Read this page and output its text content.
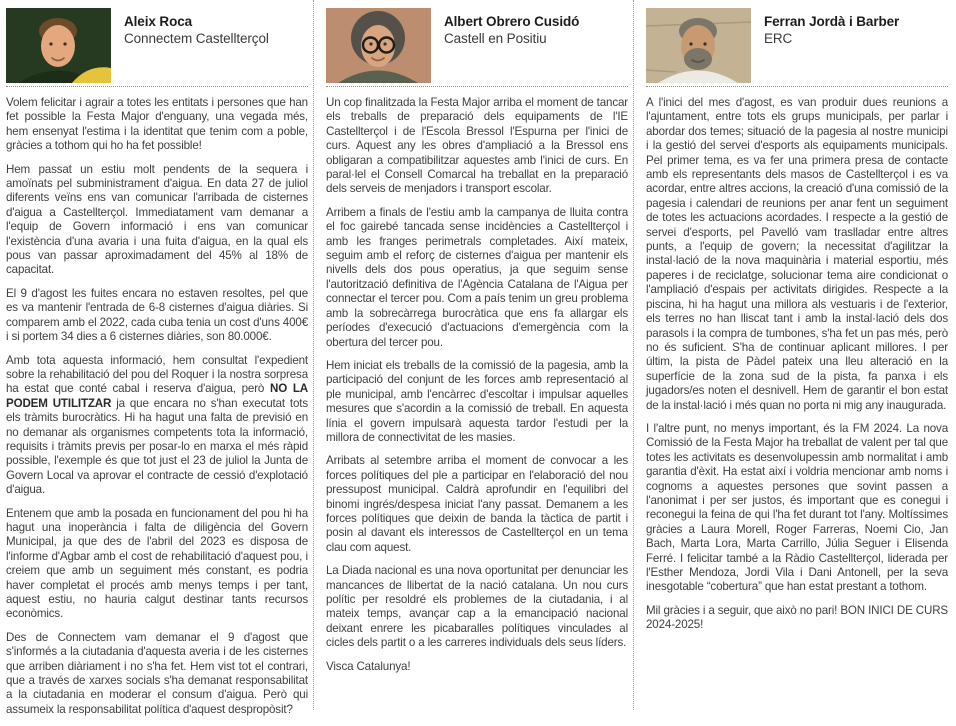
Aleix Roca
Connectem Castellterçol

Volem felicitar i agrair a totes les entitats i persones que han fet possible la Festa Major d'enguany, una vegada més, hem ensenyat l'estima i la identitat que tenim com a poble, gràcies a tothom qui ho ha fet possible!

Hem passat un estiu molt pendents de la sequera i amoïnats pel subministrament d'aigua. En data 27 de juliol diferents veïns ens van comunicar l'arribada de cisternes d'aigua a Castellterçol. Immediatament vam demanar a l'equip de Govern informació i ens van comunicar l'existència d'una avaria i una fuita d'aigua, en la qual els pous van passar aproximadament del 45% al 18% de capacitat.

El 9 d'agost les fuites encara no estaven resoltes, pel que es va mantenir l'entrada de 6-8 cisternes d'aigua diàries. Si comparem amb el 2022, cada cuba tenia un cost d'uns 400€ i si portem 34 dies a 6 cisternes diàries, son 80.000€.

Amb tota aquesta informació, hem consultat l'expedient sobre la rehabilitació del pou del Roquer i la nostra sorpresa ha estat que conté cabal i reserva d'aigua, però NO LA PODEM UTILITZAR ja que encara no s'han executat tots els tràmits burocràtics. Hi ha hagut una falta de previsió en no demanar als organismes competents tota la informació, requisits i tràmits previs per posar-lo en marxa el més ràpid possible, l'exemple és que tot just el 23 de juliol la Junta de Govern Local va aprovar el contracte de cessió d'explotació d'aigua.

Entenem que amb la posada en funcionament del pou hi ha hagut una inoperància i falta de diligència del Govern Municipal, ja que des de l'abril del 2023 es disposa de l'informe d'Agbar amb el cost de rehabilitació d'aquest pou, i creiem que amb un seguiment més constant, es podria haver completat el procés amb menys temps i per tant, aquest estiu, no hauria calgut destinar tants recursos econòmics.

Des de Connectem vam demanar el 9 d'agost que s'informés a la ciutadania d'aquesta averia i de les cisternes que arriben diàriament i no s'ha fet. Hem vist tot el contrari, que a través de xarxes socials s'ha demanat responsabilitat a la ciutadania en moderar el consum d'aigua. Però qui assumeix la responsabilitat política d'aquest despropòsit?

Albert Obrero Cusidó
Castell en Positiu

Un cop finalitzada la Festa Major arriba el moment de tancar els treballs de preparació dels equipaments de l'IE Castellterçol i de l'Escola Bressol l'Espurna per l'inici de curs. Aquest any les obres d'ampliació a la Bressol ens obligaran a compatibilitzar aquestes amb l'inici de curs. En paral·lel el Consell Comarcal ha treballat en la preparació dels serveis de menjadors i transport escolar.

Arribem a finals de l'estiu amb la campanya de lluita contra el foc gairebé tancada sense incidències a Castellterçol i amb les franges perimetrals completades. Així mateix, seguim amb el reforç de cisternes d'aigua per mantenir els nivells dels dos pous operatius, ja que seguim sense l'autorització definitiva de l'Agència Catalana de l'Aigua per connectar el tercer pou. Com a país tenim un greu problema amb la sobrecàrrega burocràtica que ens fa allargar els períodes d'execució d'actuacions d'emergència com la obertura del tercer pou.

Hem iniciat els treballs de la comissió de la pagesia, amb la participació del conjunt de les forces amb representació al ple municipal, amb l'encàrrec d'escoltar i impulsar aquelles mesures que s'acordin a la comissió de treball. En aquesta línia el govern impulsarà aquesta tardor l'estudi per la millora de connectivitat de les masies.

Arribats al setembre arriba el moment de convocar a les forces polítiques del ple a participar en l'elaboració del nou pressupost municipal. Caldrà aprofundir en l'equilibri del binomi ingrés/despesa iniciat l'any passat. Demanem a les forces polítiques que deixin de banda la tàctica de partit i posin al davant els interessos de Castellterçol en un tema clau com aquest.

La Diada nacional es una nova oportunitat per denunciar les mancances de llibertat de la nació catalana. Un nou curs polític per resoldré els problemes de la ciutadania, i al mateix temps, avançar cap a la emancipació nacional deixant enrere les picabaralles polítiques vinculades al cicles dels partit o a les carreres individuals dels seus líders.

Visca Catalunya!

Ferran Jordà i Barber
ERC

A l'inici del mes d'agost, es van produir dues reunions a l'ajuntament, entre tots els grups municipals, per parlar i abordar dos temes; situació de la pagesia al nostre municipi i la gestió del servei d'esports als equipaments municipals. Pel primer tema, es va fer una primera presa de contacte amb els representants dels masos de Castellterçol i es va acordar, entre altres accions, la creació d'una comissió de la pagesia i calendari de reunions per anar fent un seguiment de totes les actuacions acordades. I respecte a la gestió de servei d'esports, pel Pavelló vam traslladar entre altres punts, a l'equip de govern; la necessitat d'agilitzar la instal·lació de la nova maquinària i material esportiu, més paperes i de reciclatge, solucionar tema aire condicionat o l'ampliació d'espais per activitats dirigides. Respecte a la piscina, hi ha hagut una millora als vestuaris i de l'exterior, els terres no han lliscat tant i amb la instal·lació dels dos parasols i la compra de tumbones, s'ha fet un pas més, però no és suficient. S'ha de continuar aplicant millores. I per últim, la pista de Pàdel pateix una lleu alteració en la superfície de la zona sud de la pista, fa panxa i els jugadors/es noten el desnivell. Hem de garantir el bon estat de la instal·lació i més quan no porta ni mig any inaugurada.

I l'altre punt, no menys important, és la FM 2024. La nova Comissió de la Festa Major ha treballat de valent per tal que totes les activitats es desenvolupessin amb normalitat i amb garantia d'èxit. Ha estat així i voldria mencionar amb noms i cognoms a aquestes persones que sovint passen a l'anonimat i per ser justos, és important que es conegui i reconegui la feina de qui l'ha fet durant tot l'any. Moltíssimes gràcies a Laura Morell, Roger Farreras, Noemi Cio, Jan Bach, Marta Lora, Marta Carrillo, Júlia Seguer i Elisenda Ferré. I felicitar també a la Ràdio Castellterçol, liderada per l'Esther Mendoza, Jordi Vila i Dani Antonell, per la seva inesgotable “cobertura” que han estat prestant a tothom.

Mil gràcies i a seguir, que això no pari! BON INICI DE CURS 2024-2025!
